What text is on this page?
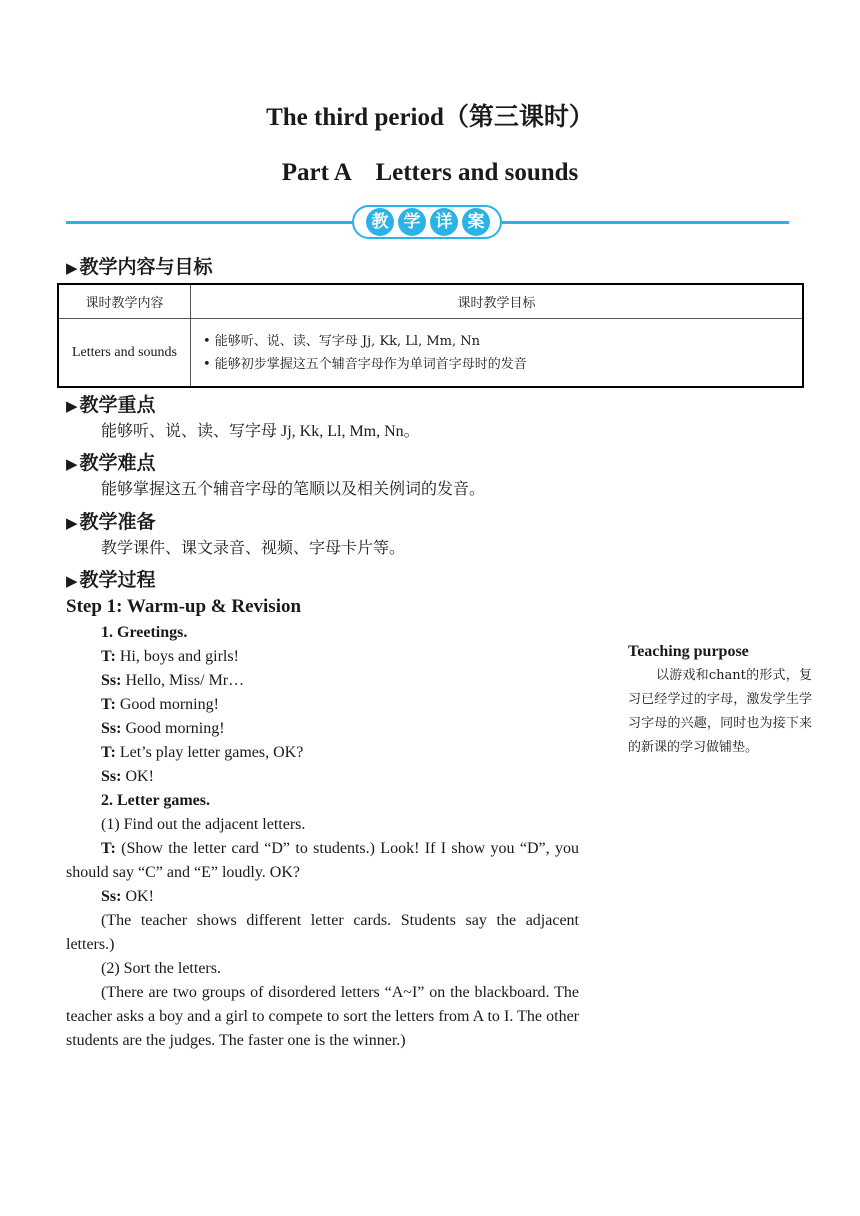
The third period（第三课时）
Part A　Letters and sounds
教 学 详 案
▶ 教学内容与目标
课时教学内容	课时教学目标
Letters and sounds	• 能够听、说、读、写字母 Jj, Kk, Ll, Mm, Nn
• 能够初步掌握这五个辅音字母作为单词首字母时的发音
▶ 教学重点
能够听、说、读、写字母 Jj, Kk, Ll, Mm, Nn。
▶ 教学难点
能够掌握这五个辅音字母的笔顺以及相关例词的发音。
▶ 教学准备
教学课件、课文录音、视频、字母卡片等。
▶ 教学过程
Step 1: Warm-up & Revision
1. Greetings.
T: Hi, boys and girls!
Ss: Hello, Miss/ Mr…
T: Good morning!
Ss: Good morning!
T: Let’s play letter games, OK?
Ss: OK!
2. Letter games.
(1) Find out the adjacent letters.
T: (Show the letter card “D” to students.) Look! If I show you “D”, you should say “C” and “E” loudly. OK?
Ss: OK!
(The teacher shows different letter cards. Students say the adjacent letters.)
(2) Sort the letters.
(There are two groups of disordered letters “A~I” on the blackboard. The teacher asks a boy and a girl to compete to sort the letters from A to I. The other students are the judges. The faster one is the winner.)
Teaching purpose
以游戏和chant的形式，复习已经学过的字母，激发学生学习字母的兴趣，同时也为接下来的新课的学习做铺垫。
